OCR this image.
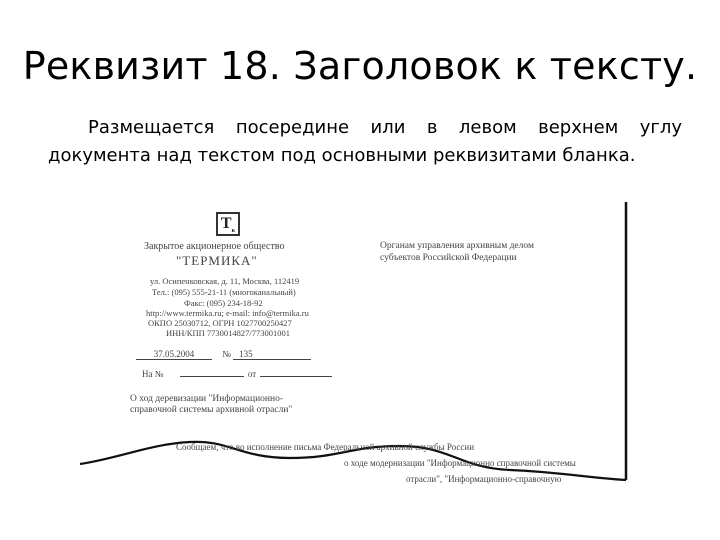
Реквизит 18. Заголовок к тексту.
Размещается посередине или в левом верхнем углу документа над текстом под основными реквизитами бланка.
$Т_к$
Закрытое акционерное общество
"ТЕРМИКА"
ул. Осипенковская, д. 11, Москва, 112419
Тел.: (095) 555-21-11 (многоканальный)
Факс: (095) 234-18-92
http://www.termika.ru; e-mail: info@termika.ru
ОКПО 25030712, ОГРН 1027700250427
ИНН/КПП 7730014827/773001001
37.05.2004	№ 135
На №	от
Органам управления архивным делом
субъектов Российской Федерации
О ход деревизации "Информационно-
справочной системы архивной отрасли"
Сообщаем, что во исполнение письма Федеральной архивной службы России
о ходе модернизации "Информационно справочной системы
отрасли", "Информационно-справочную
